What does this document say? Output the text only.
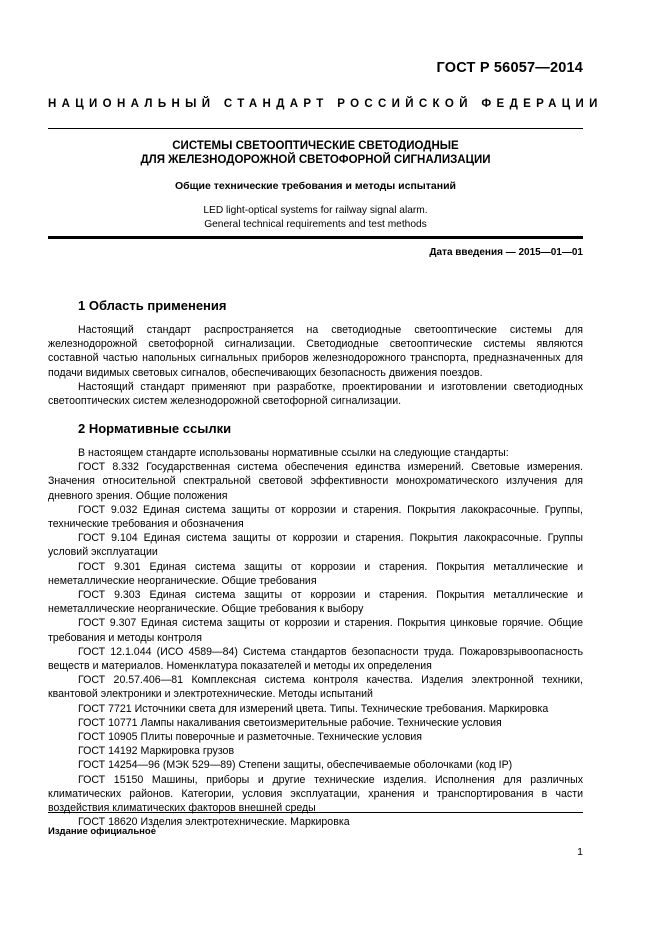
ГОСТ Р 56057—2014
НАЦИОНАЛЬНЫЙ СТАНДАРТ РОССИЙСКОЙ ФЕДЕРАЦИИ
СИСТЕМЫ СВЕТООПТИЧЕСКИЕ СВЕТОДИОДНЫЕ
ДЛЯ ЖЕЛЕЗНОДОРОЖНОЙ СВЕТОФОРНОЙ СИГНАЛИЗАЦИИ
Общие технические требования и методы испытаний
LED light-optical systems for railway signal alarm.
General technical requirements and test methods
Дата введения — 2015—01—01
1 Область применения

Настоящий стандарт распространяется на светодиодные светооптические системы для железнодорожной светофорной сигнализации. Светодиодные светооптические системы являются составной частью напольных сигнальных приборов железнодорожного транспорта, предназначенных для подачи видимых световых сигналов, обеспечивающих безопасность движения поездов.

Настоящий стандарт применяют при разработке, проектировании и изготовлении светодиодных светооптических систем железнодорожной светофорной сигнализации.

2 Нормативные ссылки

В настоящем стандарте использованы нормативные ссылки на следующие стандарты:

ГОСТ 8.332 Государственная система обеспечения единства измерений. Световые измерения. Значения относительной спектральной световой эффективности монохроматического излучения для дневного зрения. Общие положения

ГОСТ 9.032 Единая система защиты от коррозии и старения. Покрытия лакокрасочные. Группы, технические требования и обозначения

ГОСТ 9.104 Единая система защиты от коррозии и старения. Покрытия лакокрасочные. Группы условий эксплуатации

ГОСТ 9.301 Единая система защиты от коррозии и старения. Покрытия металлические и неметаллические неорганические. Общие требования

ГОСТ 9.303 Единая система защиты от коррозии и старения. Покрытия металлические и неметаллические неорганические. Общие требования к выбору

ГОСТ 9.307 Единая система защиты от коррозии и старения. Покрытия цинковые горячие. Общие требования и методы контроля

ГОСТ 12.1.044 (ИСО 4589—84) Система стандартов безопасности труда. Пожаровзрывоопасность веществ и материалов. Номенклатура показателей и методы их определения

ГОСТ 20.57.406—81 Комплексная система контроля качества. Изделия электронной техники, квантовой электроники и электротехнические. Методы испытаний

ГОСТ 7721 Источники света для измерений цвета. Типы. Технические требования. Маркировка

ГОСТ 10771 Лампы накаливания светоизмерительные рабочие. Технические условия

ГОСТ 10905 Плиты поверочные и разметочные. Технические условия

ГОСТ 14192 Маркировка грузов

ГОСТ 14254—96 (МЭК 529—89) Степени защиты, обеспечиваемые оболочками (код IP)

ГОСТ 15150 Машины, приборы и другие технические изделия. Исполнения для различных климатических районов. Категории, условия эксплуатации, хранения и транспортирования в части воздействия климатических факторов внешней среды

ГОСТ 18620 Изделия электротехнические. Маркировка

Издание официальное
1
